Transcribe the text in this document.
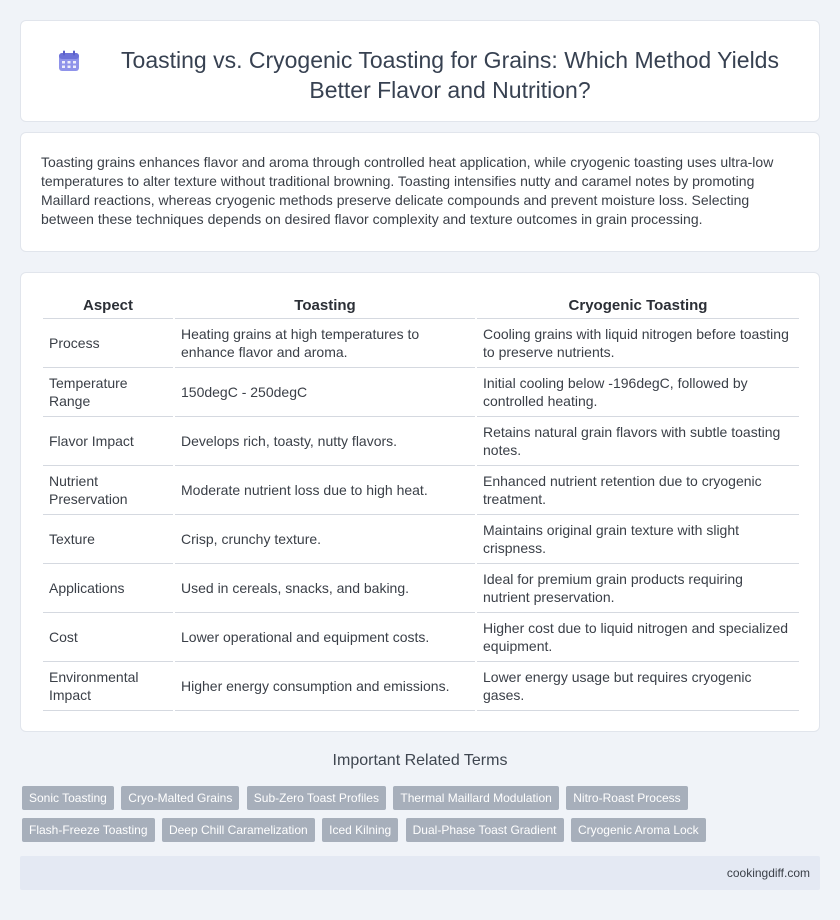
Toasting vs. Cryogenic Toasting for Grains: Which Method Yields Better Flavor and Nutrition?

Toasting grains enhances flavor and aroma through controlled heat application, while cryogenic toasting uses ultra-low temperatures to alter texture without traditional browning. Toasting intensifies nutty and caramel notes by promoting Maillard reactions, whereas cryogenic methods preserve delicate compounds and prevent moisture loss. Selecting between these techniques depends on desired flavor complexity and texture outcomes in grain processing.

Aspect	Toasting	Cryogenic Toasting
Process	Heating grains at high temperatures to enhance flavor and aroma.	Cooling grains with liquid nitrogen before toasting to preserve nutrients.
Temperature Range	150degC - 250degC	Initial cooling below -196degC, followed by controlled heating.
Flavor Impact	Develops rich, toasty, nutty flavors.	Retains natural grain flavors with subtle toasting notes.
Nutrient Preservation	Moderate nutrient loss due to high heat.	Enhanced nutrient retention due to cryogenic treatment.
Texture	Crisp, crunchy texture.	Maintains original grain texture with slight crispness.
Applications	Used in cereals, snacks, and baking.	Ideal for premium grain products requiring nutrient preservation.
Cost	Lower operational and equipment costs.	Higher cost due to liquid nitrogen and specialized equipment.
Environmental Impact	Higher energy consumption and emissions.	Lower energy usage but requires cryogenic gases.
Important Related Terms
Sonic Toasting Cryo-Malted Grains Sub-Zero Toast Profiles Thermal Maillard Modulation Nitro-Roast Process
Flash-Freeze Toasting Deep Chill Caramelization Iced Kilning Dual-Phase Toast Gradient Cryogenic Aroma Lock
cookingdiff.com
